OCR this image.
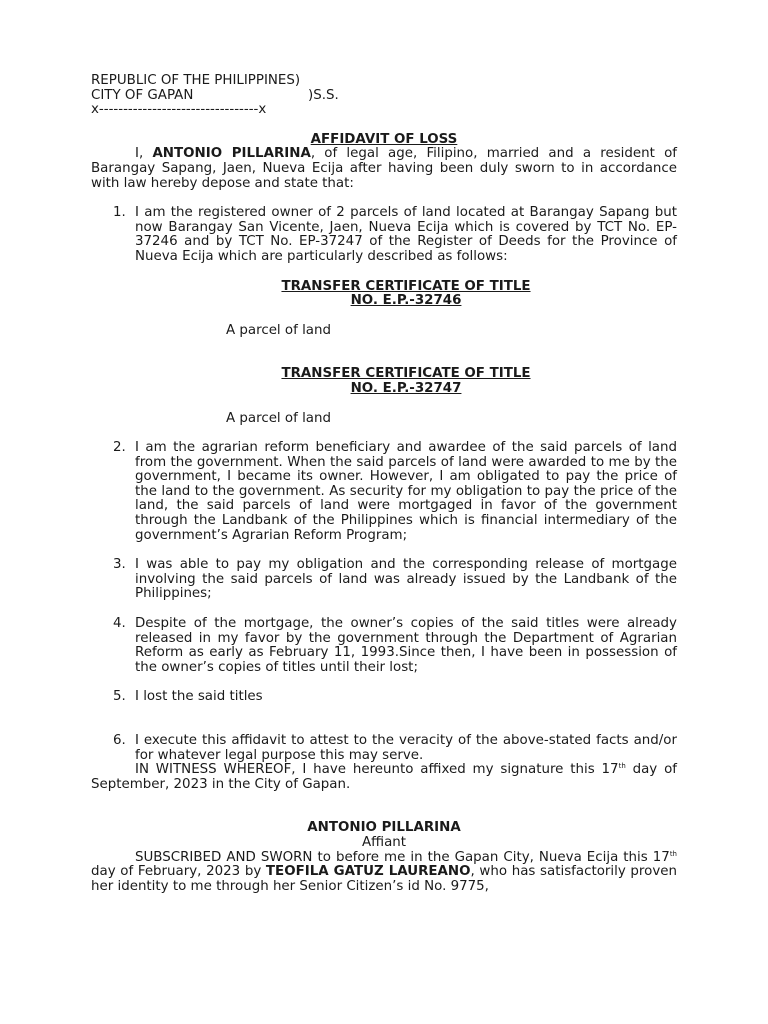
REPUBLIC OF THE PHILIPPINES)
CITY OF GAPAN	)S.S.
x---------------------------------x
AFFIDAVIT OF LOSS

I, ANTONIO PILLARINA, of legal age, Filipino, married and a resident of Barangay Sapang, Jaen, Nueva Ecija after having been duly sworn to in accordance with law hereby depose and state that:

1. I am the registered owner of 2 parcels of land located at Barangay Sapang but now Barangay San Vicente, Jaen, Nueva Ecija which is covered by TCT No. EP-37246 and by TCT No. EP-37247 of the Register of Deeds for the Province of Nueva Ecija which are particularly described as follows:
TRANSFER CERTIFICATE OF TITLE
NO. E.P.-32746
A parcel of land
TRANSFER CERTIFICATE OF TITLE
NO. E.P.-32747
A parcel of land
2. I am the agrarian reform beneficiary and awardee of the said parcels of land from the government. When the said parcels of land were awarded to me by the government, I became its owner. However, I am obligated to pay the price of the land to the government. As security for my obligation to pay the price of the land, the said parcels of land were mortgaged in favor of the government through the Landbank of the Philippines which is financial intermediary of the government’s Agrarian Reform Program;
3. I was able to pay my obligation and the corresponding release of mortgage involving the said parcels of land was already issued by the Landbank of the Philippines;
4. Despite of the mortgage, the owner’s copies of the said titles were already released in my favor by the government through the Department of Agrarian Reform as early as February 11, 1993.Since then, I have been in possession of the owner’s copies of titles until their lost;
5. I lost the said titles
6. I execute this affidavit to attest to the veracity of the above-stated facts and/or for whatever legal purpose this may serve.

IN WITNESS WHEREOF, I have hereunto affixed my signature this 17th day of September, 2023 in the City of Gapan.

ANTONIO PILLARINA
Affiant

SUBSCRIBED AND SWORN to before me in the Gapan City, Nueva Ecija this 17th day of February, 2023 by TEOFILA GATUZ LAUREANO, who has satisfactorily proven her identity to me through her Senior Citizen’s id No. 9775,
